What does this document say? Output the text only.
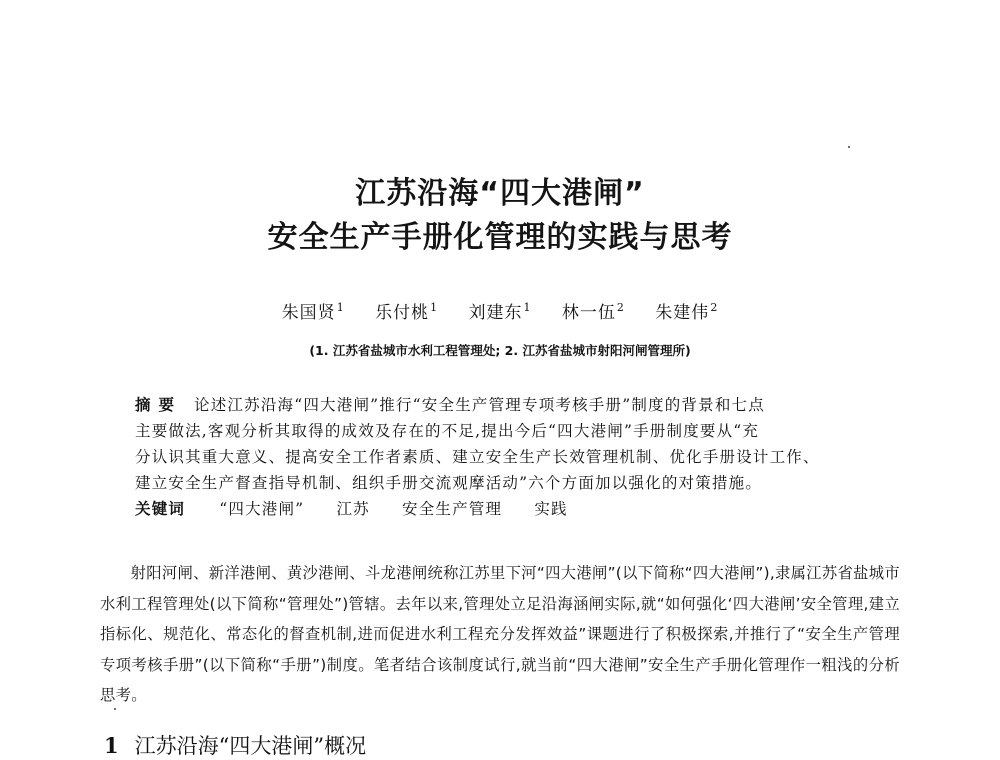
江苏沿海“四大港闸”
安全生产手册化管理的实践与思考
朱国贤$^1$ 乐付桃$^1$ 刘建东$^1$ 林一伍$^2$ 朱建伟$^2$
(1. 江苏省盐城市水利工程管理处; 2. 江苏省盐城市射阳河闸管理所)
摘要 论述江苏沿海“四大港闸”推行“安全生产管理专项考核手册”制度的背景和七点
主要做法,客观分析其取得的成效及存在的不足,提出今后“四大港闸”手册制度要从“充
分认识其重大意义、提高安全工作者素质、建立安全生产长效管理机制、优化手册设计工作、
建立安全生产督查指导机制、组织手册交流观摩活动”六个方面加以强化的对策措施。
关键词 “四大港闸” 江苏 安全生产管理 实践
射阳河闸、新洋港闸、黄沙港闸、斗龙港闸统称江苏里下河“四大港闸”(以下简称“四大港闸”),隶属江苏省盐城市水利工程管理处(以下简称“管理处”)管辖。去年以来,管理处立足沿海涵闸实际,就“如何强化‘四大港闸’安全管理,建立指标化、规范化、常态化的督查机制,进而促进水利工程充分发挥效益”课题进行了积极探索,并推行了“安全生产管理专项考核手册”(以下简称“手册”)制度。笔者结合该制度试行,就当前“四大港闸”安全生产手册化管理作一粗浅的分析思考。
1 江苏沿海“四大港闸”概况
